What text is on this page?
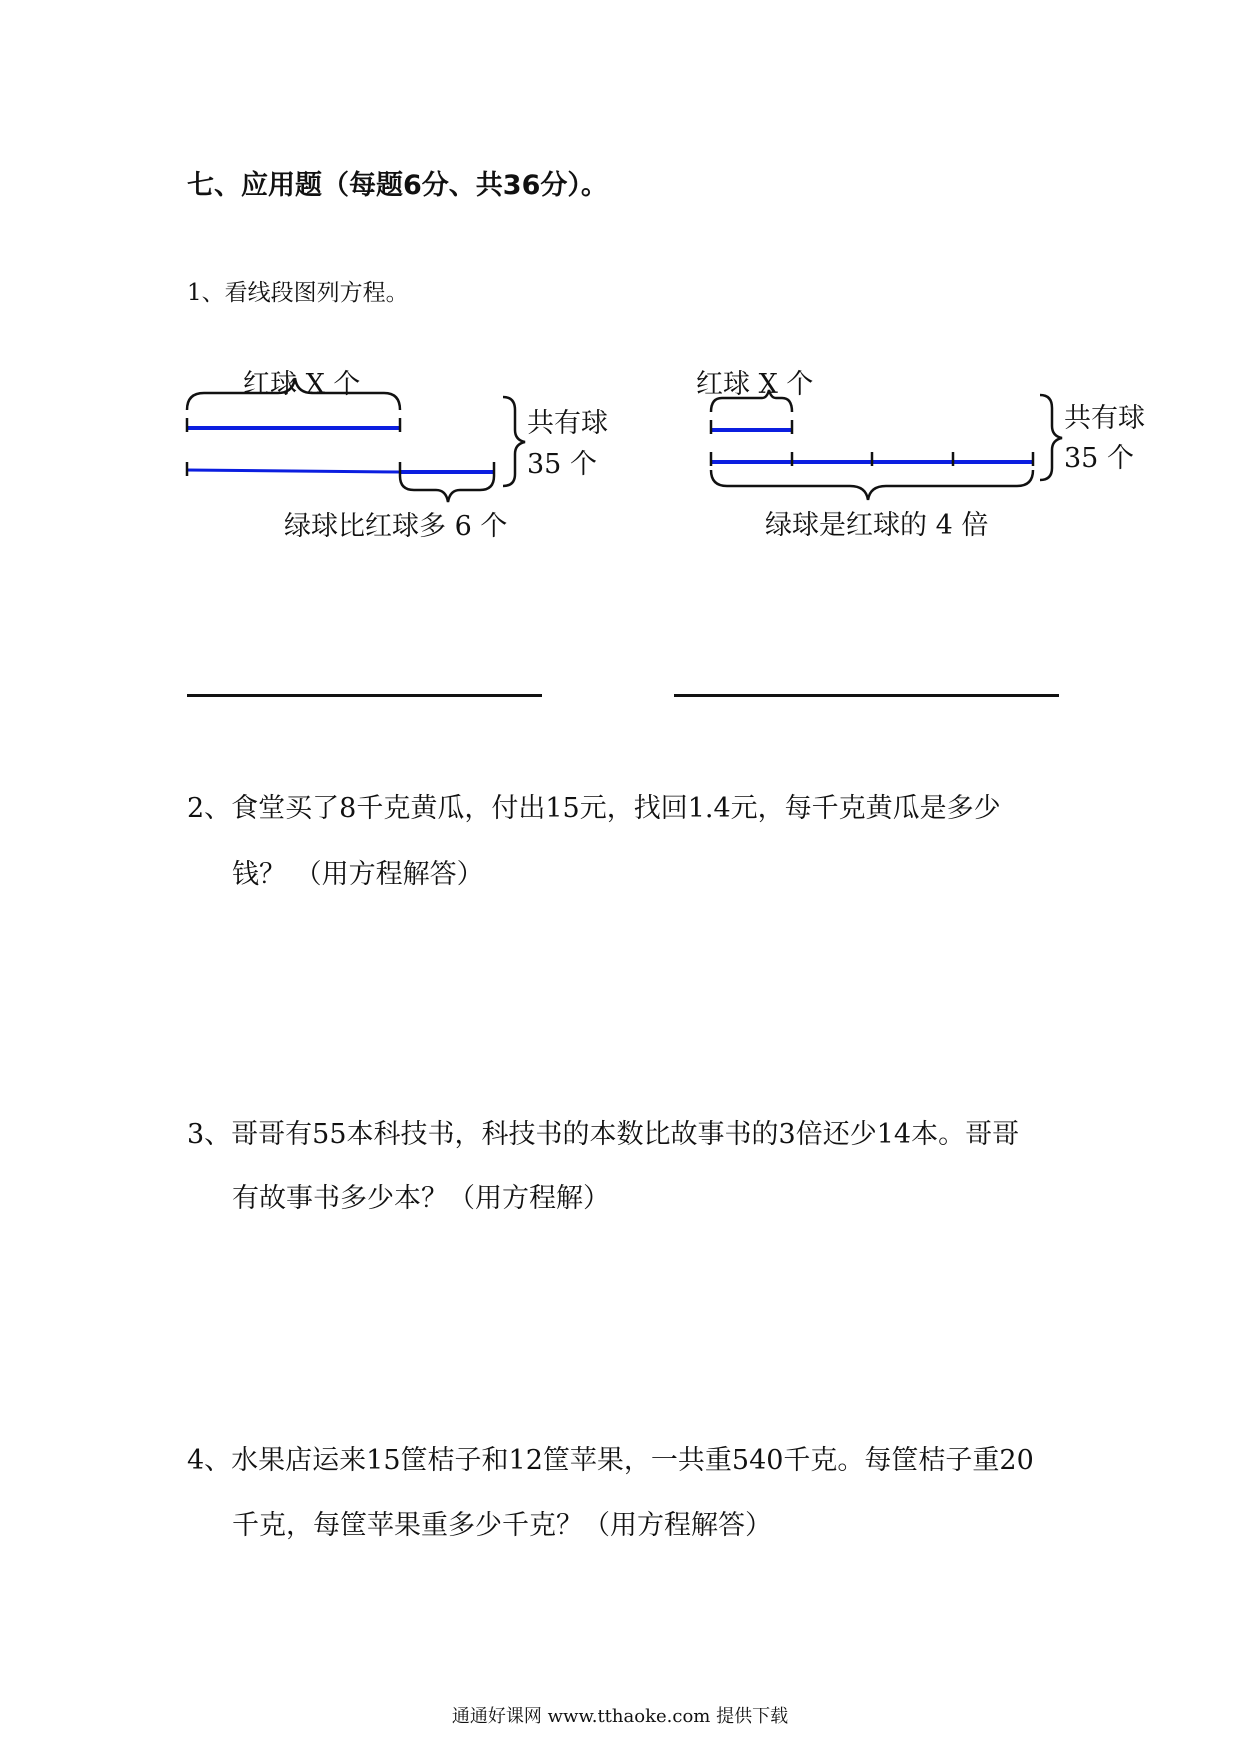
七、应用题（每题6分、共36分）。
1、看线段图列方程。
红球 X 个
共有球
35 个
绿球比红球多 6 个
红球 X 个
共有球
35 个
绿球是红球的 4 倍
2、食堂买了8千克黄瓜，付出15元，找回1.4元，每千克黄瓜是多少
钱？ （用方程解答）
3、哥哥有55本科技书，科技书的本数比故事书的3倍还少14本。哥哥
有故事书多少本？（用方程解）
4、水果店运来15筐桔子和12筐苹果，一共重540千克。每筐桔子重20
千克，每筐苹果重多少千克？（用方程解答）
通通好课网 www.tthaoke.com 提供下载
